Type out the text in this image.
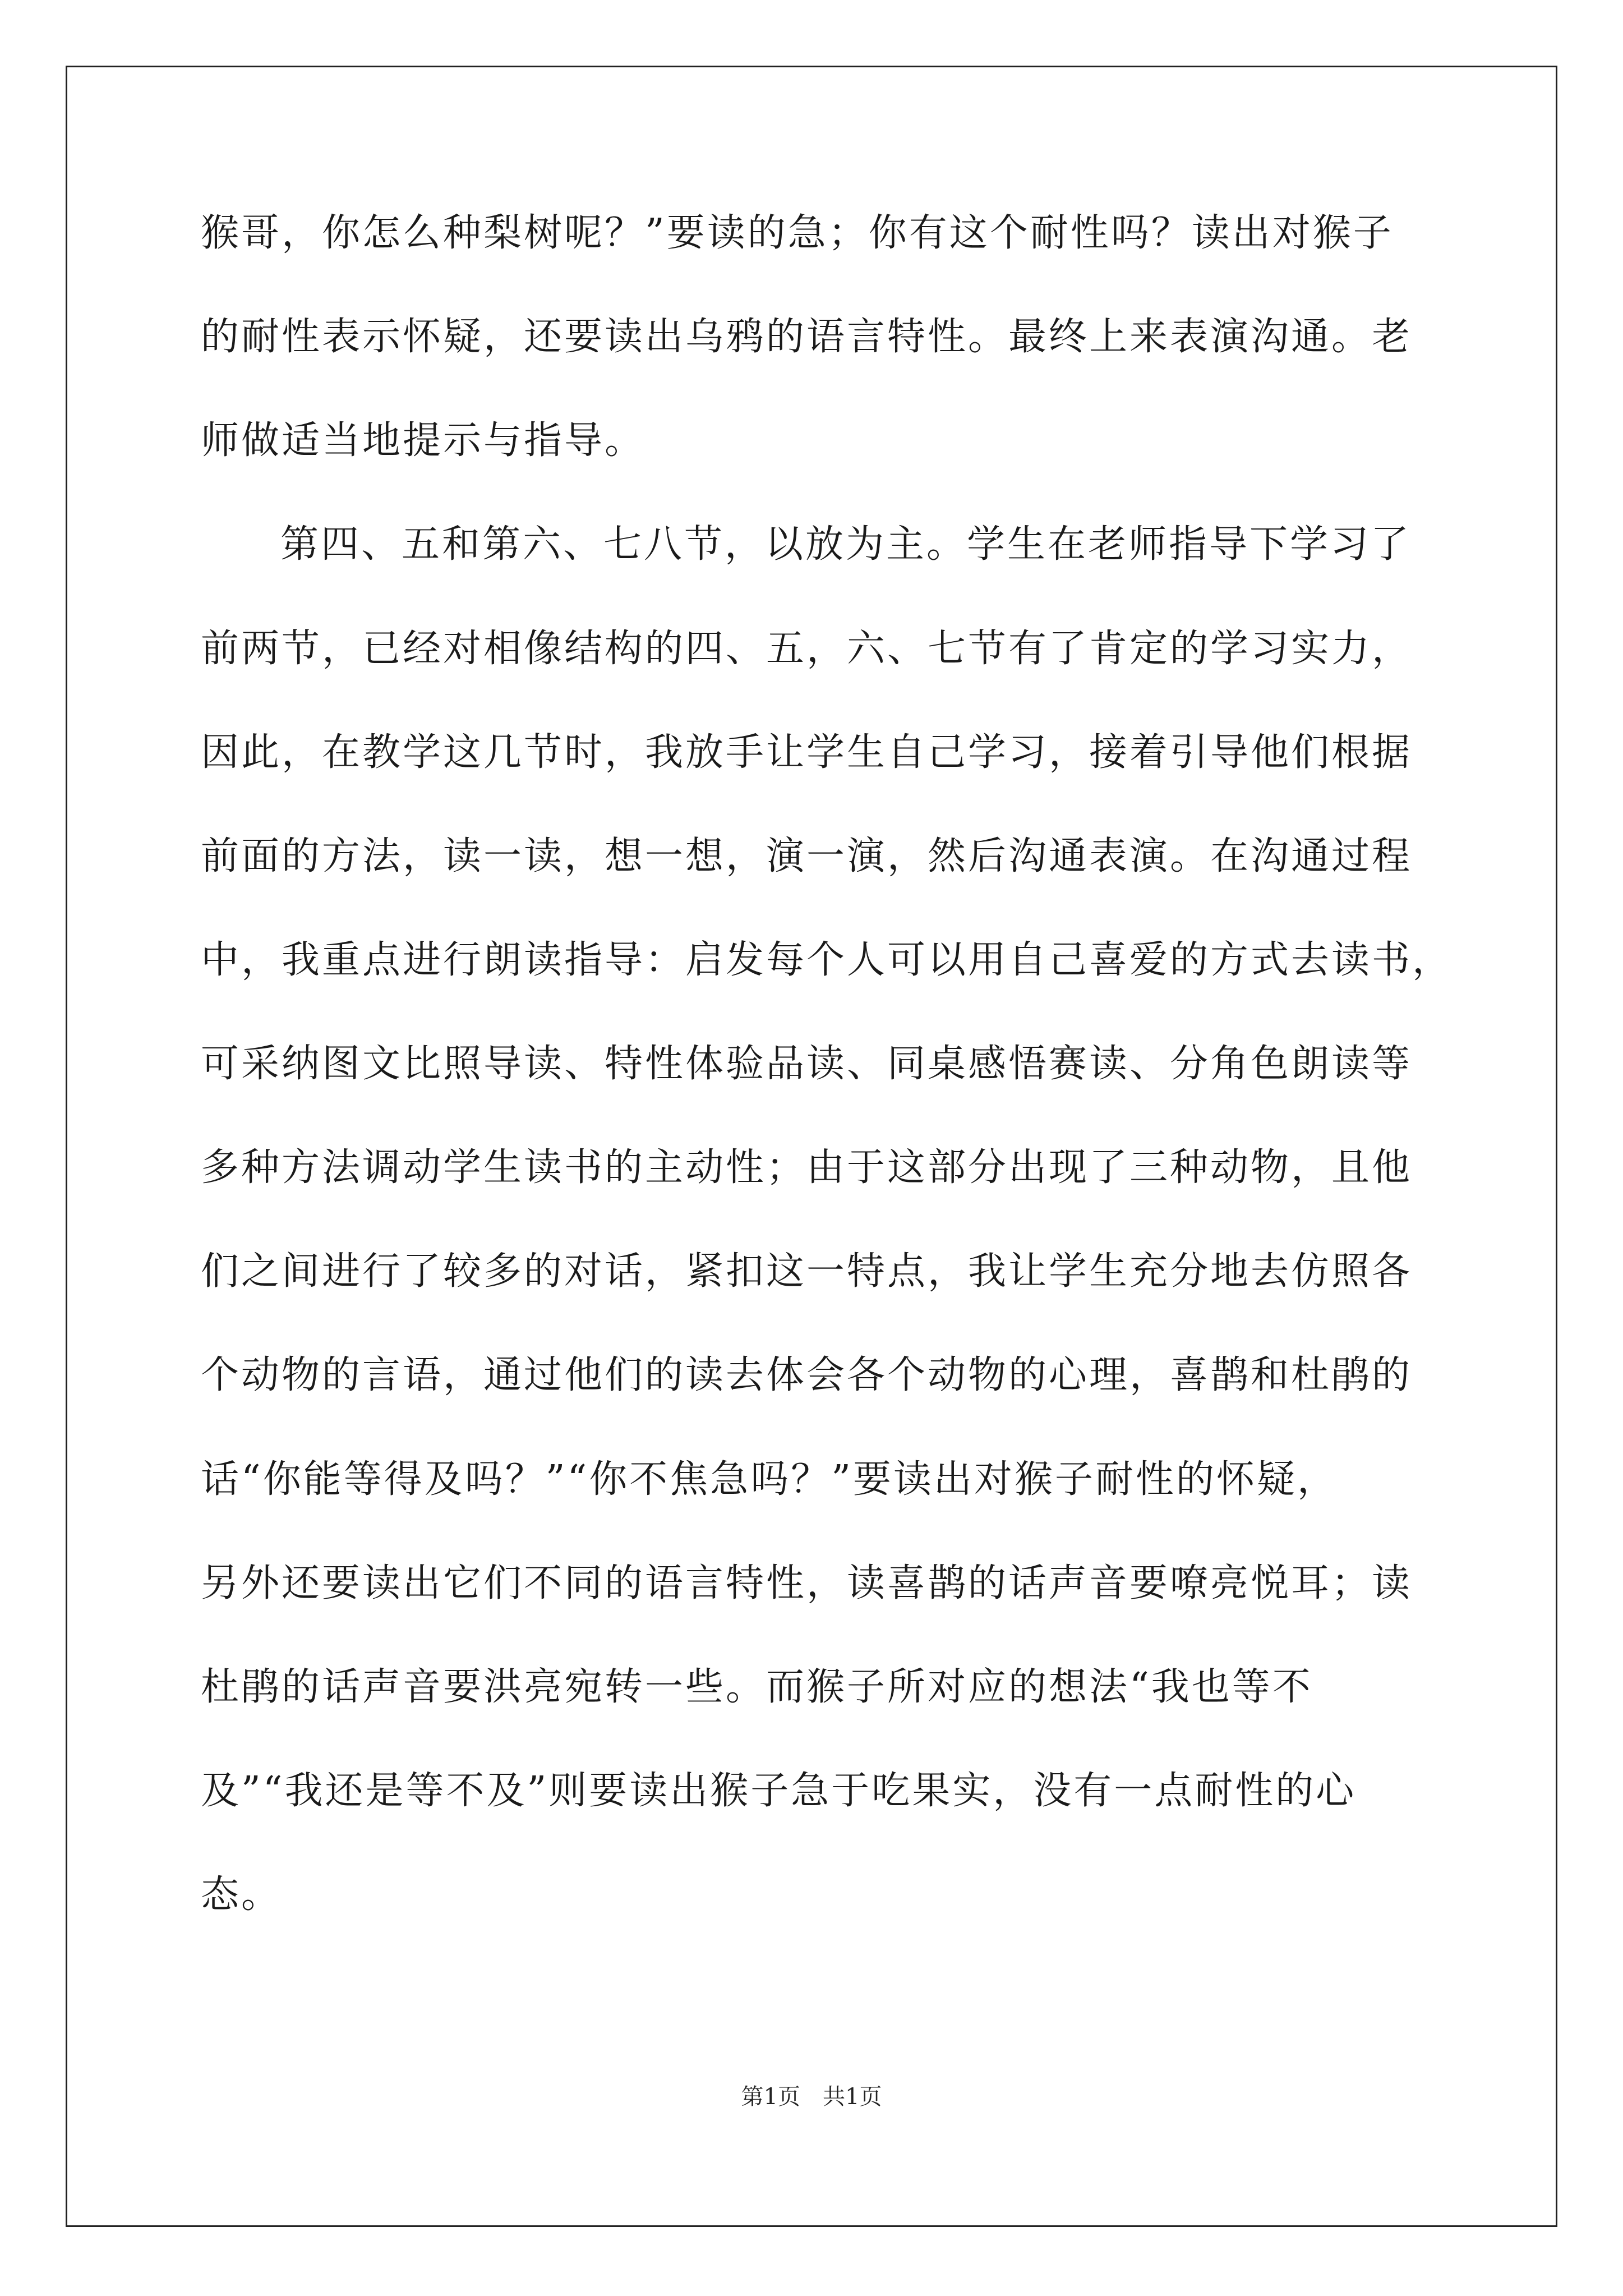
猴哥，你怎么种梨树呢？”要读的急；你有这个耐性吗？读出对猴子
的耐性表示怀疑，还要读出乌鸦的语言特性。最终上来表演沟通。老
师做适当地提示与指导。
第四、五和第六、七八节，以放为主。学生在老师指导下学习了
前两节，已经对相像结构的四、五，六、七节有了肯定的学习实力，
因此，在教学这几节时，我放手让学生自己学习，接着引导他们根据
前面的方法，读一读，想一想，演一演，然后沟通表演。在沟通过程
中，我重点进行朗读指导：启发每个人可以用自己喜爱的方式去读书，
可采纳图文比照导读、特性体验品读、同桌感悟赛读、分角色朗读等
多种方法调动学生读书的主动性；由于这部分出现了三种动物，且他
们之间进行了较多的对话，紧扣这一特点，我让学生充分地去仿照各
个动物的言语，通过他们的读去体会各个动物的心理，喜鹊和杜鹃的
话“你能等得及吗？”“你不焦急吗？”要读出对猴子耐性的怀疑，
另外还要读出它们不同的语言特性，读喜鹊的话声音要嘹亮悦耳；读
杜鹃的话声音要洪亮宛转一些。而猴子所对应的想法“我也等不
及”“我还是等不及”则要读出猴子急于吃果实，没有一点耐性的心
第1页　共1页
态。
